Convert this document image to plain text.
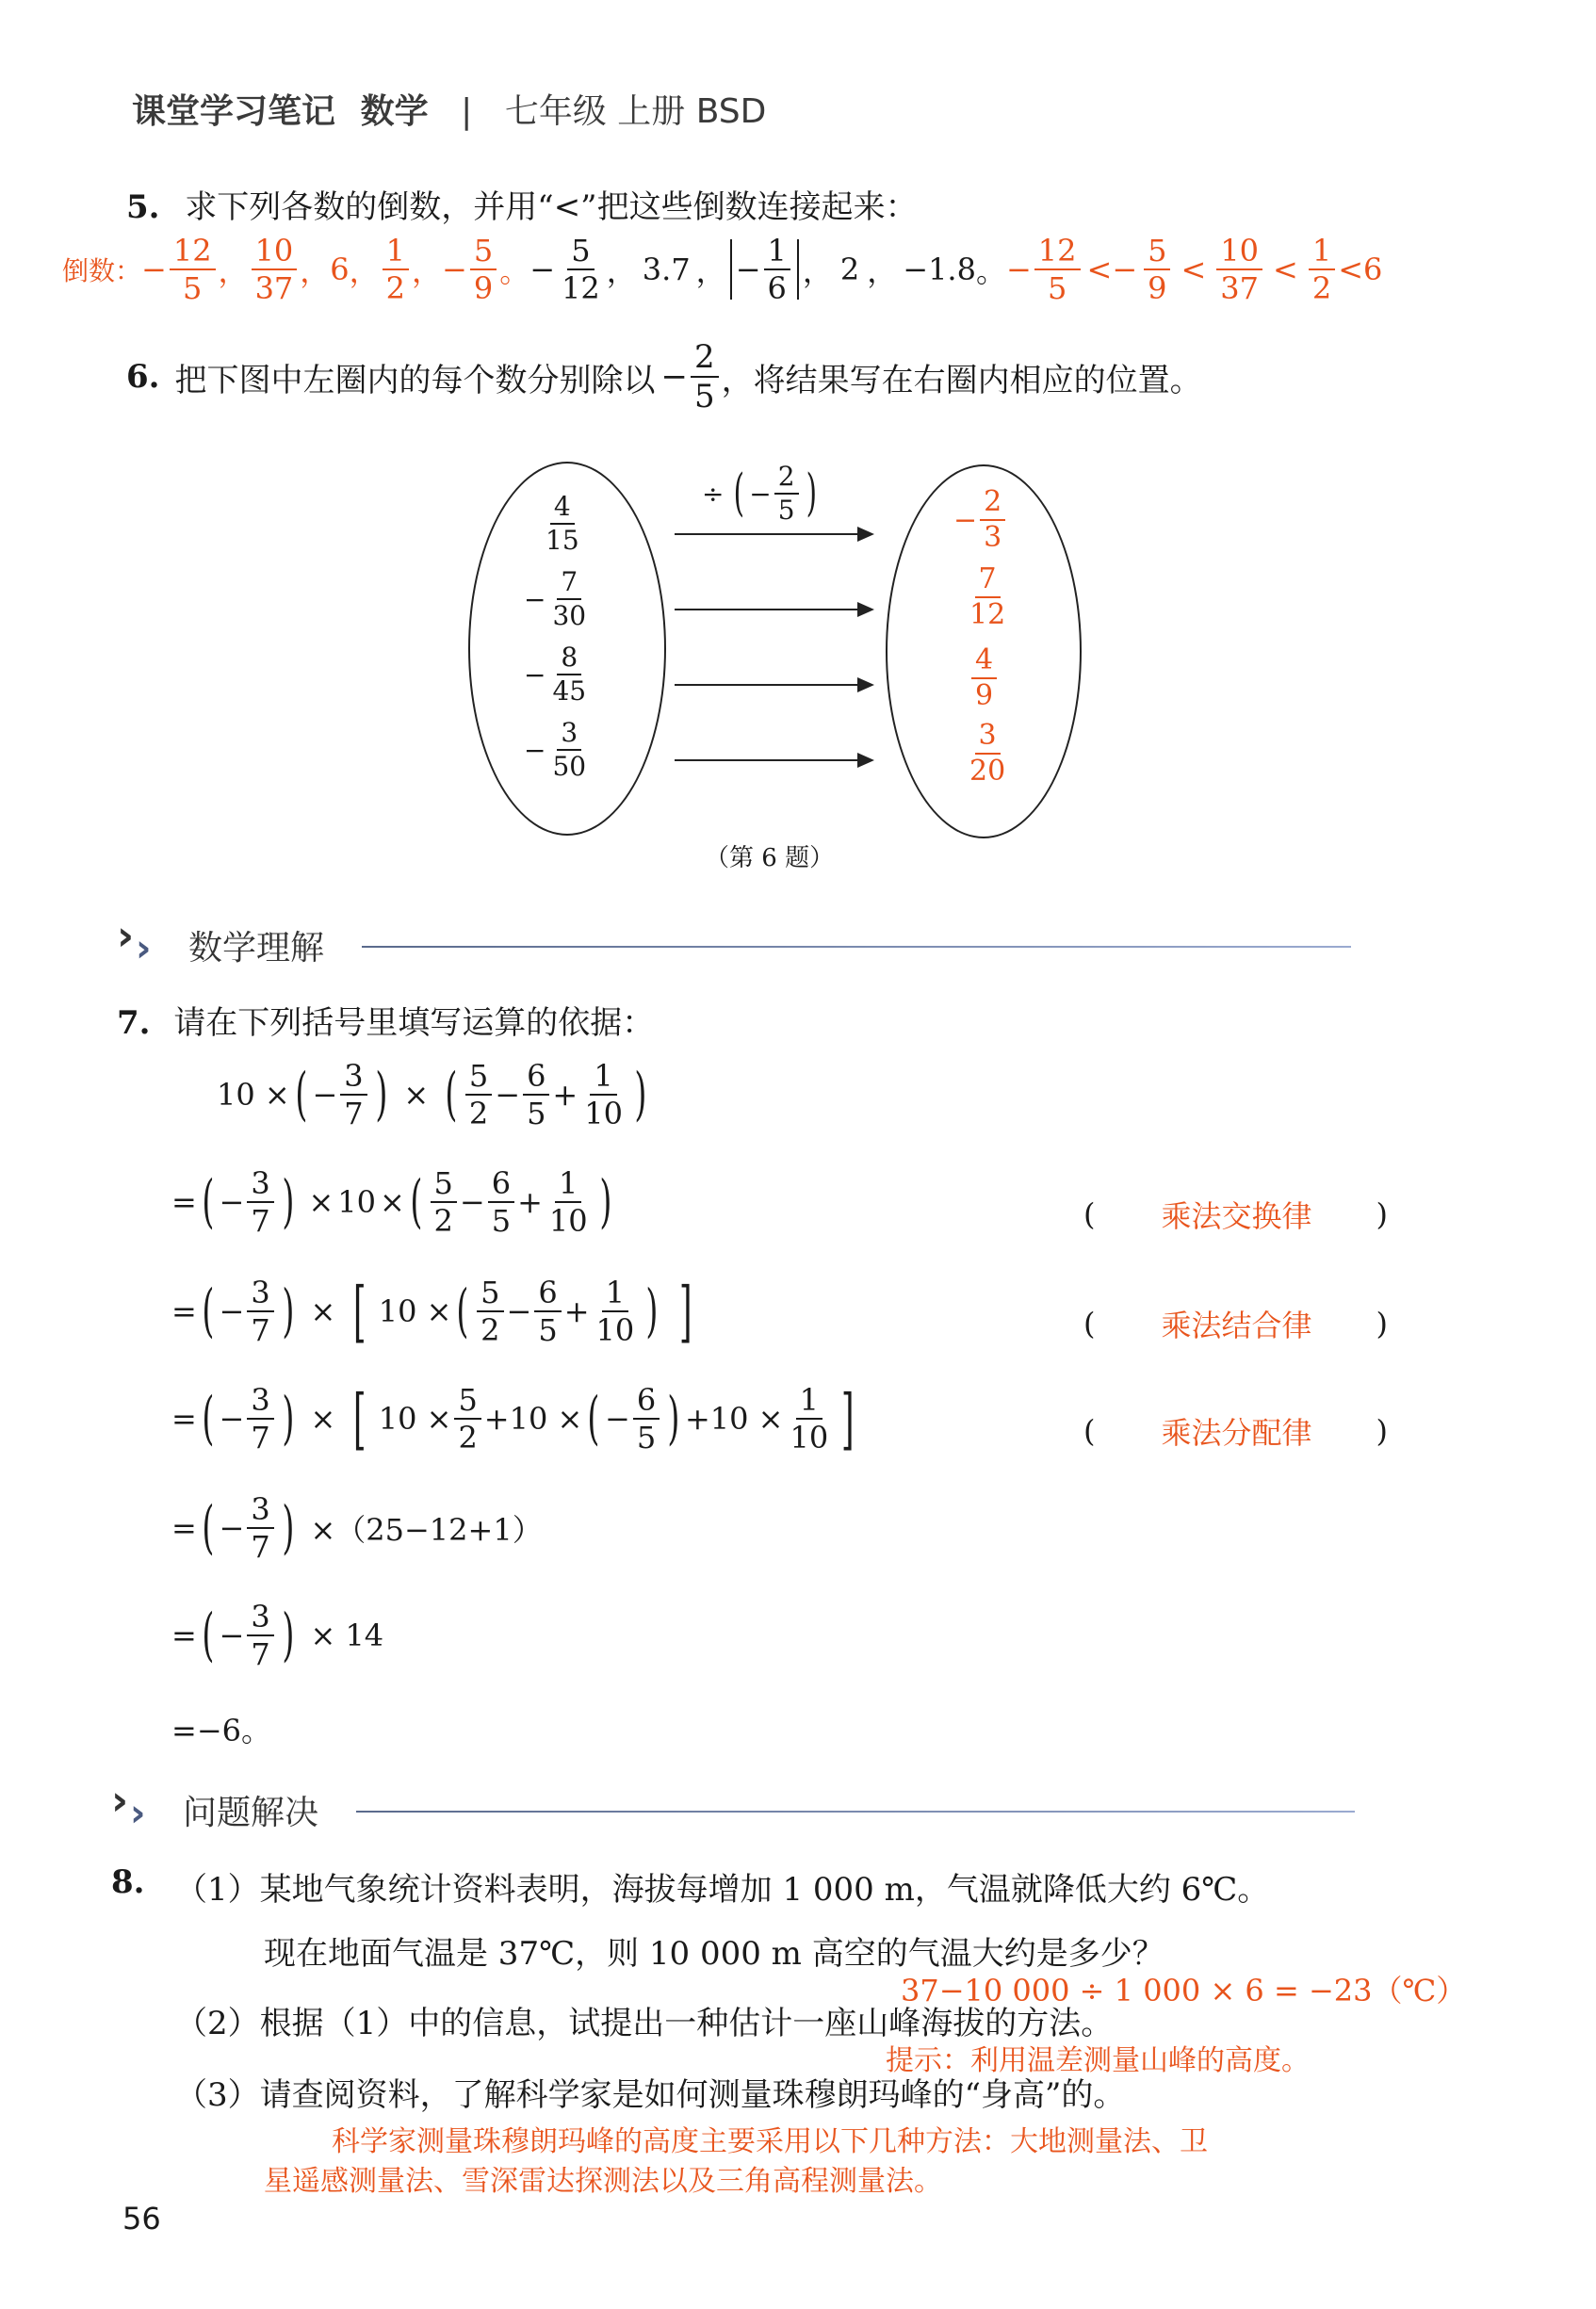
课堂学习笔记 数学 | 七年级 上册 BSD
5. 求下列各数的倒数，并用“<”把这些倒数连接起来：
倒数： − $\frac{12}{5}$ ， $\frac{10}{37}$ ， 6 ， $\frac{1}{2}$ ， − $\frac{5}{9}$ 。 − $\frac{5}{12}$ ， 3.7 ， − $\frac{1}{6}$ ， 2 ， −1.8 。 − $\frac{12}{5} <- \frac{5}{9} < \frac{10}{37} < \frac{1}{2} <6$
6. 把下图中左圈内的每个数分别除以 − $\frac{2}{5}$ ，将结果写在右圈内相应的位置。
÷ ( − $\frac{2}{5}$ )
$\frac{4}{15}$
− $\frac{7}{30}$
− $\frac{8}{45}$
− $\frac{3}{50}$
− $\frac{2}{3}$
$\frac{7}{12}$
$\frac{4}{9}$
$\frac{3}{20}$
（第 6 题）
› › 数学理解
7. 请在下列括号里填写运算的依据：
10 × ( − $\frac{3}{7}$ ) × ( $\frac{5}{2} - \frac{6}{5} + \frac{1}{10}$ )
= ( − $\frac{3}{7}$ ) × 10 × ( $\frac{5}{2} - \frac{6}{5} + \frac{1}{10}$ )	( 乘法交换律 )
= ( − $\frac{3}{7}$ ) × [ 10 × ( $\frac{5}{2} - \frac{6}{5} + \frac{1}{10}$ ) ]	( 乘法结合律 )
= ( − $\frac{3}{7}$ ) × [ $10 \times \frac{5}{2} +10$ × ( − $\frac{6}{5}$ ) $+10 \times \frac{1}{10}$ ]	( 乘法分配律 )
= ( − $\frac{3}{7}$ ) ×（25−12+1）
= ( − $\frac{3}{7}$ ) × 14
=−6。
› › 问题解决
8. （1）某地气象统计资料表明，海拔每增加 1 000 m，气温就降低大约 6℃。
现在地面气温是 37℃，则 10 000 m 高空的气温大约是多少？
37−10 000 ÷ 1 000 × 6 = −23（℃）
（2）根据（1）中的信息，试提出一种估计一座山峰海拔的方法。
提示：利用温差测量山峰的高度。
（3）请查阅资料，了解科学家是如何测量珠穆朗玛峰的“身高”的。
科学家测量珠穆朗玛峰的高度主要采用以下几种方法：大地测量法、卫
星遥感测量法、雪深雷达探测法以及三角高程测量法。
56
